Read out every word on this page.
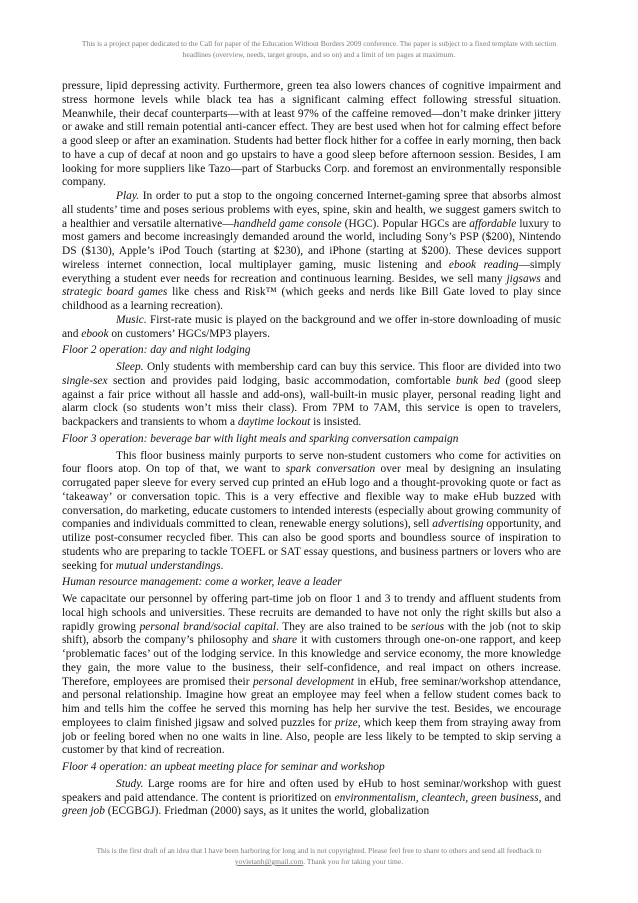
This is a project paper dedicated to the Call for paper of the Education Without Borders 2009 conference. The paper is subject to a fixed template with section headlines (overview, needs, target groups, and so on) and a limit of ten pages at maximum.

pressure, lipid depressing activity. Furthermore, green tea also lowers chances of cognitive impairment and stress hormone levels while black tea has a significant calming effect following stressful situation. Meanwhile, their decaf counterparts—with at least 97% of the caffeine removed—don’t make drinker jittery or awake and still remain potential anti-cancer effect. They are best used when hot for calming effect before a good sleep or after an examination. Students had better flock hither for a coffee in early morning, then back to have a cup of decaf at noon and go upstairs to have a good sleep before afternoon session. Besides, I am looking for more suppliers like Tazo—part of Starbucks Corp. and foremost an environmentally responsible company.

Play. In order to put a stop to the ongoing concerned Internet-gaming spree that absorbs almost all students’ time and poses serious problems with eyes, spine, skin and health, we suggest gamers switch to a healthier and versatile alternative—handheld game console (HGC). Popular HGCs are affordable luxury to most gamers and become increasingly demanded around the world, including Sony’s PSP ($200), Nintendo DS ($130), Apple’s iPod Touch (starting at $230), and iPhone (starting at $200). These devices support wireless internet connection, local multiplayer gaming, music listening and ebook reading—simply everything a student ever needs for recreation and continuous learning. Besides, we sell many jigsaws and strategic board games like chess and Risk™ (which geeks and nerds like Bill Gate loved to play since childhood as a learning recreation).

Music. First-rate music is played on the background and we offer in-store downloading of music and ebook on customers’ HGCs/MP3 players.

Floor 2 operation: day and night lodging

Sleep. Only students with membership card can buy this service. This floor are divided into two single-sex section and provides paid lodging, basic accommodation, comfortable bunk bed (good sleep against a fair price without all hassle and add-ons), wall-built-in music player, personal reading light and alarm clock (so students won’t miss their class). From 7PM to 7AM, this service is open to travelers, backpackers and transients to whom a daytime lockout is insisted.

Floor 3 operation: beverage bar with light meals and sparking conversation campaign

This floor business mainly purports to serve non-student customers who come for activities on four floors atop. On top of that, we want to spark conversation over meal by designing an insulating corrugated paper sleeve for every served cup printed an eHub logo and a thought-provoking quote or fact as ‘takeaway’ or conversation topic. This is a very effective and flexible way to make eHub buzzed with conversation, do marketing, educate customers to intended interests (especially about growing community of companies and individuals committed to clean, renewable energy solutions), sell advertising opportunity, and utilize post-consumer recycled fiber. This can also be good sports and boundless source of inspiration to students who are preparing to tackle TOEFL or SAT essay questions, and business partners or lovers who are seeking for mutual understandings.

Human resource management: come a worker, leave a leader

We capacitate our personnel by offering part-time job on floor 1 and 3 to trendy and affluent students from local high schools and universities. These recruits are demanded to have not only the right skills but also a rapidly growing personal brand/social capital. They are also trained to be serious with the job (not to skip shift), absorb the company’s philosophy and share it with customers through one-on-one rapport, and keep ‘problematic faces’ out of the lodging service. In this knowledge and service economy, the more knowledge they gain, the more value to the business, their self-confidence, and real impact on others increase. Therefore, employees are promised their personal development in eHub, free seminar/workshop attendance, and personal relationship. Imagine how great an employee may feel when a fellow student comes back to him and tells him the coffee he served this morning has help her survive the test. Besides, we encourage employees to claim finished jigsaw and solved puzzles for prize, which keep them from straying away from job or feeling bored when no one waits in line. Also, people are less likely to be tempted to skip serving a customer by that kind of recreation.

Floor 4 operation: an upbeat meeting place for seminar and workshop

Study. Large rooms are for hire and often used by eHub to host seminar/workshop with guest speakers and paid attendance. The content is prioritized on environmentalism, cleantech, green business, and green job (ECGBGJ). Friedman (2000) says, as it unites the world, globalization

This is the first draft of an idea that I have been harboring for long and is not copyrighted. Please feel free to share to others and send all feedback to yovietanh@gmail.com. Thank you for taking your time.
